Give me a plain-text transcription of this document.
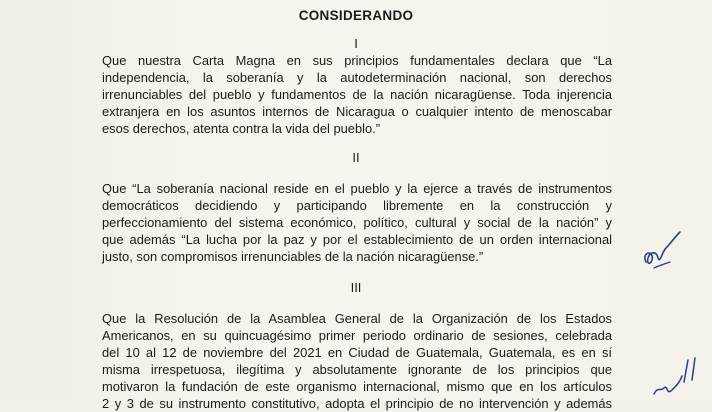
CONSIDERANDO
I
Que nuestra Carta Magna en sus principios fundamentales declara que “La
independencia, la soberanía y la autodeterminación nacional, son derechos
irrenunciables del pueblo y fundamentos de la nación nicaragüense. Toda injerencia
extranjera en los asuntos internos de Nicaragua o cualquier intento de menoscabar
esos derechos, atenta contra la vida del pueblo.”
II
Que “La soberanía nacional reside en el pueblo y la ejerce a través de instrumentos
democráticos decidiendo y participando libremente en la construcción y
perfeccionamiento del sistema económico, político, cultural y social de la nación” y
que además “La lucha por la paz y por el establecimiento de un orden internacional
justo, son compromisos irrenunciables de la nación nicaragüense.”
III
Que la Resolución de la Asamblea General de la Organización de los Estados
Americanos, en su quincuagésimo primer periodo ordinario de sesiones, celebrada
del 10 al 12 de noviembre del 2021 en Ciudad de Guatemala, Guatemala, es en sí
misma irrespetuosa, ilegítima y absolutamente ignorante de los principios que
motivaron la fundación de este organismo internacional, mismo que en los artículos
2 y 3 de su instrumento constitutivo, adopta el principio de no intervención y además
